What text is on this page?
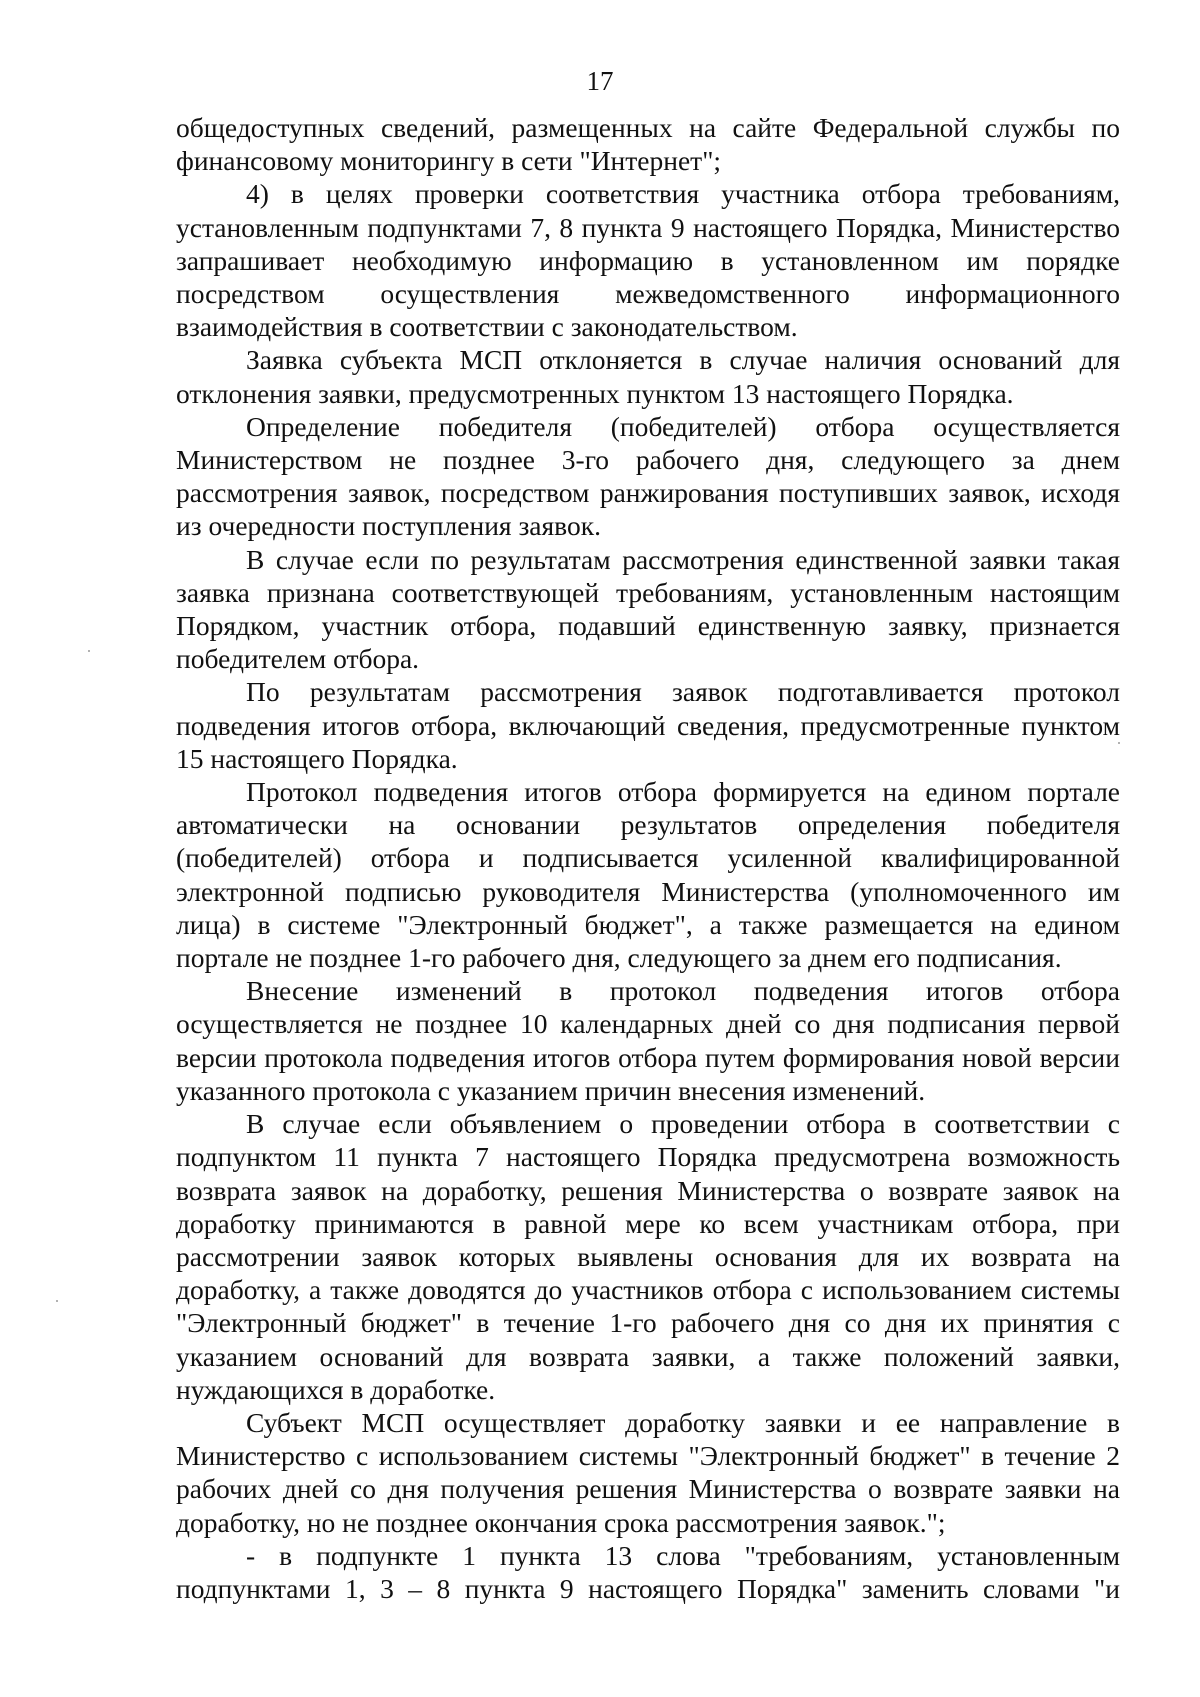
17

общедоступных сведений, размещенных на сайте Федеральной службы по финансовому мониторингу в сети "Интернет";

4) в целях проверки соответствия участника отбора требованиям, установленным подпунктами 7, 8 пункта 9 настоящего Порядка, Министерство запрашивает необходимую информацию в установленном им порядке посредством осуществления межведомственного информационного взаимодействия в соответствии с законодательством.

Заявка субъекта МСП отклоняется в случае наличия оснований для отклонения заявки, предусмотренных пунктом 13 настоящего Порядка.

Определение победителя (победителей) отбора осуществляется Министерством не позднее 3-го рабочего дня, следующего за днем рассмотрения заявок, посредством ранжирования поступивших заявок, исходя из очередности поступления заявок.

В случае если по результатам рассмотрения единственной заявки такая заявка признана соответствующей требованиям, установленным настоящим Порядком, участник отбора, подавший единственную заявку, признается победителем отбора.

По результатам рассмотрения заявок подготавливается протокол подведения итогов отбора, включающий сведения, предусмотренные пунктом 15 настоящего Порядка.

Протокол подведения итогов отбора формируется на едином портале автоматически на основании результатов определения победителя (победителей) отбора и подписывается усиленной квалифицированной электронной подписью руководителя Министерства (уполномоченного им лица) в системе "Электронный бюджет", а также размещается на едином портале не позднее 1-го рабочего дня, следующего за днем его подписания.

Внесение изменений в протокол подведения итогов отбора осуществляется не позднее 10 календарных дней со дня подписания первой версии протокола подведения итогов отбора путем формирования новой версии указанного протокола с указанием причин внесения изменений.

В случае если объявлением о проведении отбора в соответствии с подпунктом 11 пункта 7 настоящего Порядка предусмотрена возможность возврата заявок на доработку, решения Министерства о возврате заявок на доработку принимаются в равной мере ко всем участникам отбора, при рассмотрении заявок которых выявлены основания для их возврата на доработку, а также доводятся до участников отбора с использованием системы "Электронный бюджет" в течение 1-го рабочего дня со дня их принятия с указанием оснований для возврата заявки, а также положений заявки, нуждающихся в доработке.

Субъект МСП осуществляет доработку заявки и ее направление в Министерство с использованием системы "Электронный бюджет" в течение 2 рабочих дней со дня получения решения Министерства о возврате заявки на доработку, но не позднее окончания срока рассмотрения заявок.";

- в подпункте 1 пункта 13 слова "требованиям, установленным подпунктами 1, 3 – 8 пункта 9 настоящего Порядка" заменить словами "и
